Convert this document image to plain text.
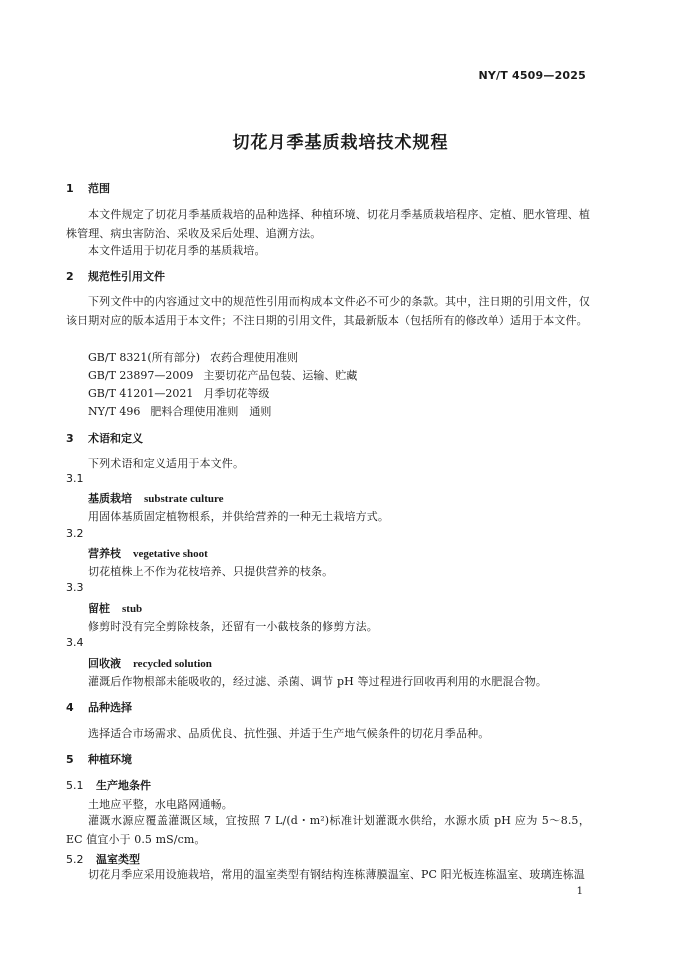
NY/T 4509—2025
切花月季基质栽培技术规程
1 范围
本文件规定了切花月季基质栽培的品种选择、种植环境、切花月季基质栽培程序、定植、肥水管理、植株管理、病虫害防治、采收及采后处理、追溯方法。
本文件适用于切花月季的基质栽培。
2 规范性引用文件
下列文件中的内容通过文中的规范性引用而构成本文件必不可少的条款。其中，注日期的引用文件，仅该日期对应的版本适用于本文件；不注日期的引用文件，其最新版本（包括所有的修改单）适用于本文件。
GB/T 8321(所有部分) 农药合理使用准则
GB/T 23897—2009 主要切花产品包装、运输、贮藏
GB/T 41201—2021 月季切花等级
NY/T 496 肥料合理使用准则　通则
3 术语和定义
下列术语和定义适用于本文件。
3.1
基质栽培 substrate culture
用固体基质固定植物根系，并供给营养的一种无土栽培方式。
3.2
营养枝 vegetative shoot
切花植株上不作为花枝培养、只提供营养的枝条。
3.3
留桩 stub
修剪时没有完全剪除枝条，还留有一小截枝条的修剪方法。
3.4
回收液 recycled solution
灌溉后作物根部未能吸收的，经过滤、杀菌、调节 pH 等过程进行回收再利用的水肥混合物。
4 品种选择
选择适合市场需求、品质优良、抗性强、并适于生产地气候条件的切花月季品种。
5 种植环境
5.1 生产地条件
土地应平整，水电路网通畅。
灌溉水源应覆盖灌溉区域，宜按照 7 L/(d・m²)标准计划灌溉水供给，水源水质 pH 应为 5～8.5，EC 值宜小于 0.5 mS/cm。
5.2 温室类型
切花月季应采用设施栽培，常用的温室类型有钢结构连栋薄膜温室、PC 阳光板连栋温室、玻璃连栋温
1
